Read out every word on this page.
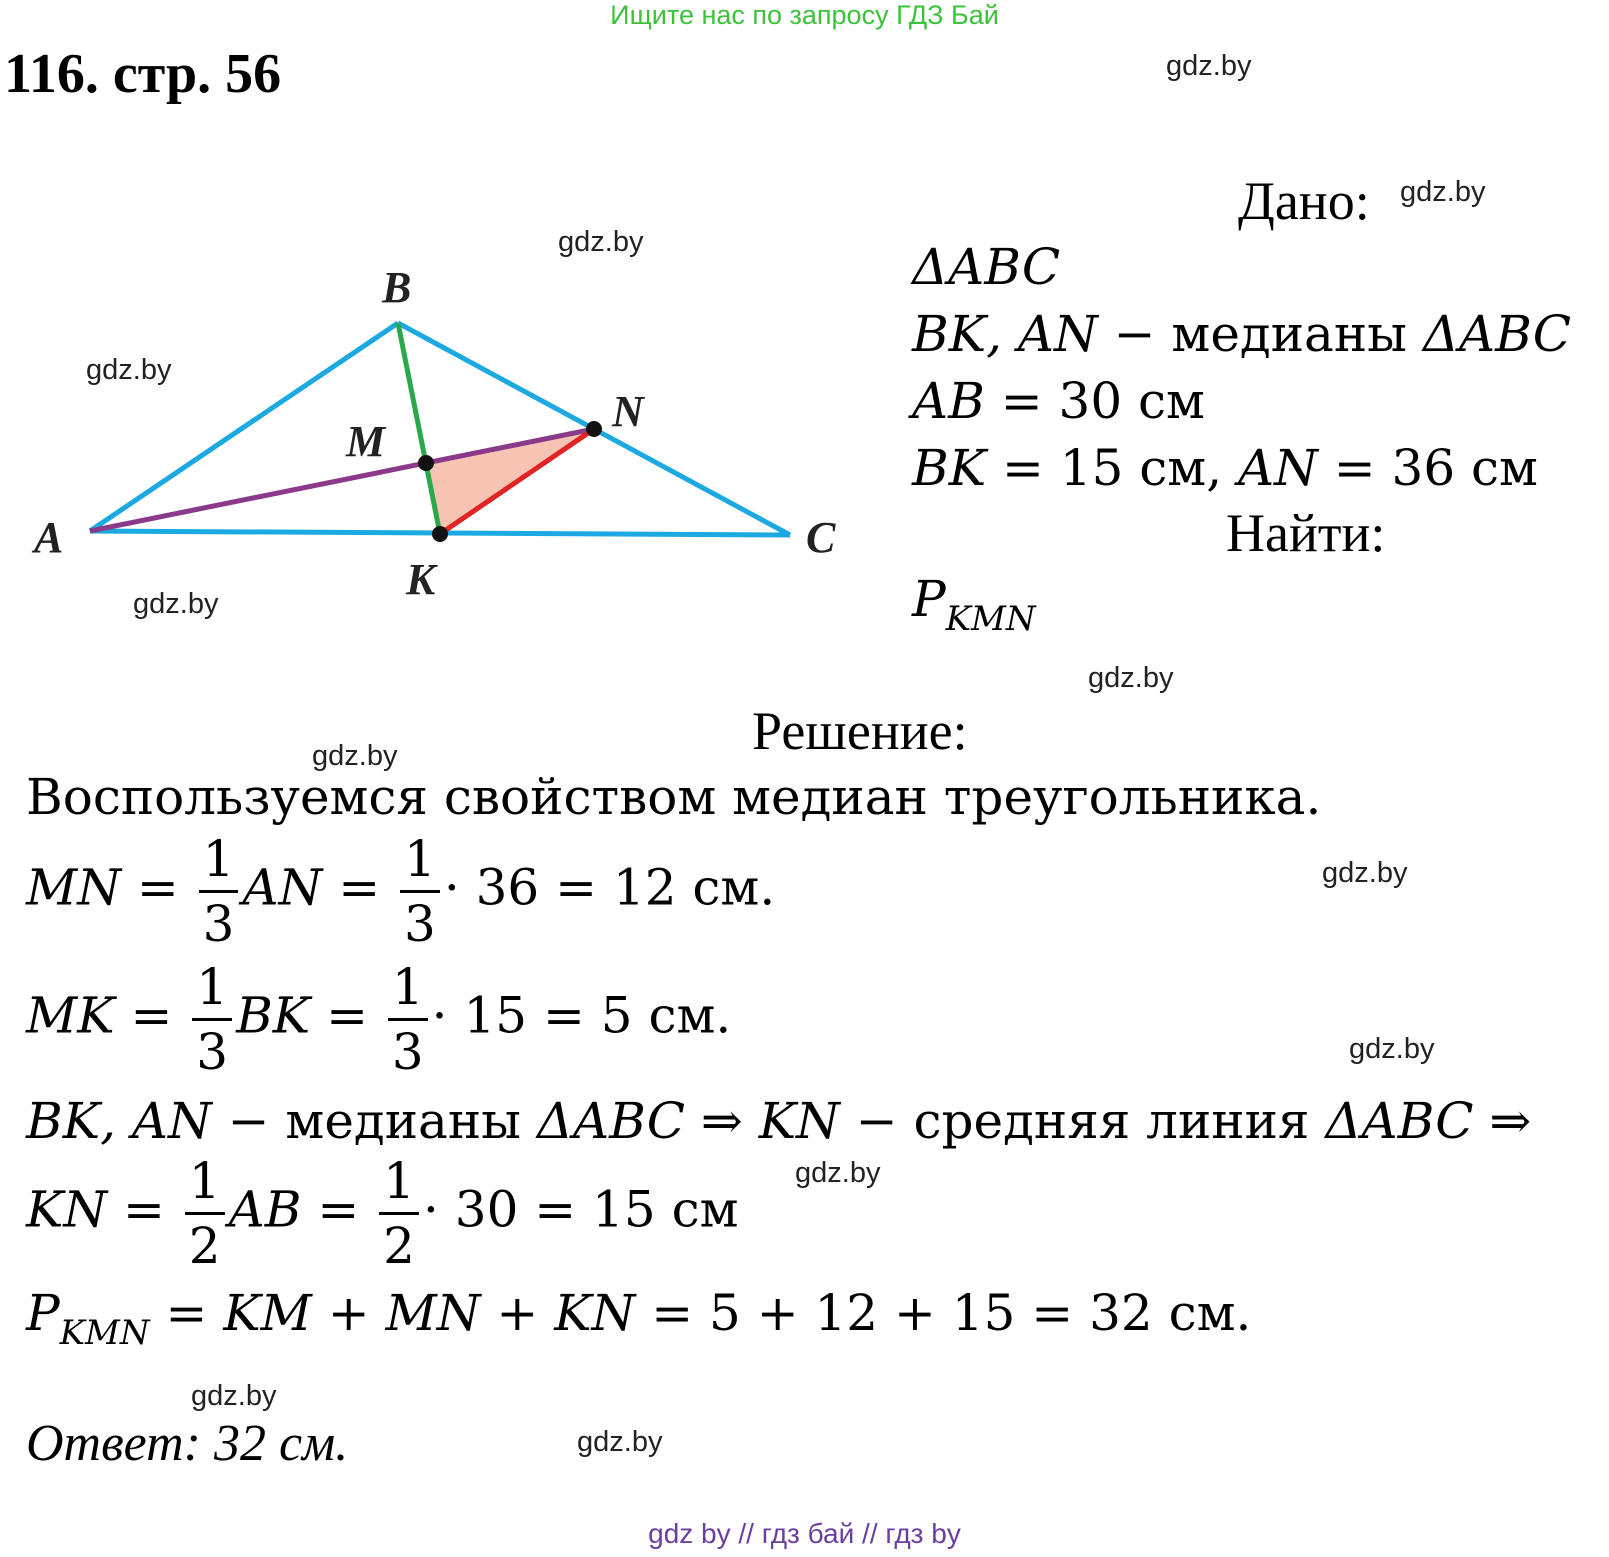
Ищите нас по запросу ГДЗ Бай
116. стр. 56	gdz.by
gdz.by
gdz.by
gdz.by
gdz.by
gdz.by
gdz.by
gdz.by
gdz.by
gdz.by
gdz.by
gdz.by
A
B
C
K
M
N
Дано:
ΔABC
BK, AN − медианы ΔABC
AB = 30 см
BK = 15 см, AN = 36 см
Найти:
$P_{KMN}$
Решение:
Воспользуемся свойством медиан треугольника.
MN = $\frac{1}{3}$ AN = $\frac{1}{3} \cdot 36 = 12$ см.
MK = $\frac{1}{3}$ BK = $\frac{1}{3} \cdot 15 = 5$ см.
BK, AN − медианы ΔABC ⇒ KN − средняя линия ΔABC ⇒
KN = $\frac{1}{2}$ AB = $\frac{1}{2} \cdot 30 = 15$ см
$P_{KMN}$ = KM + MN + KN = 5 + 12 + 15 = 32 см.
Ответ: 32 см.
gdz by // гдз бай // гдз by
